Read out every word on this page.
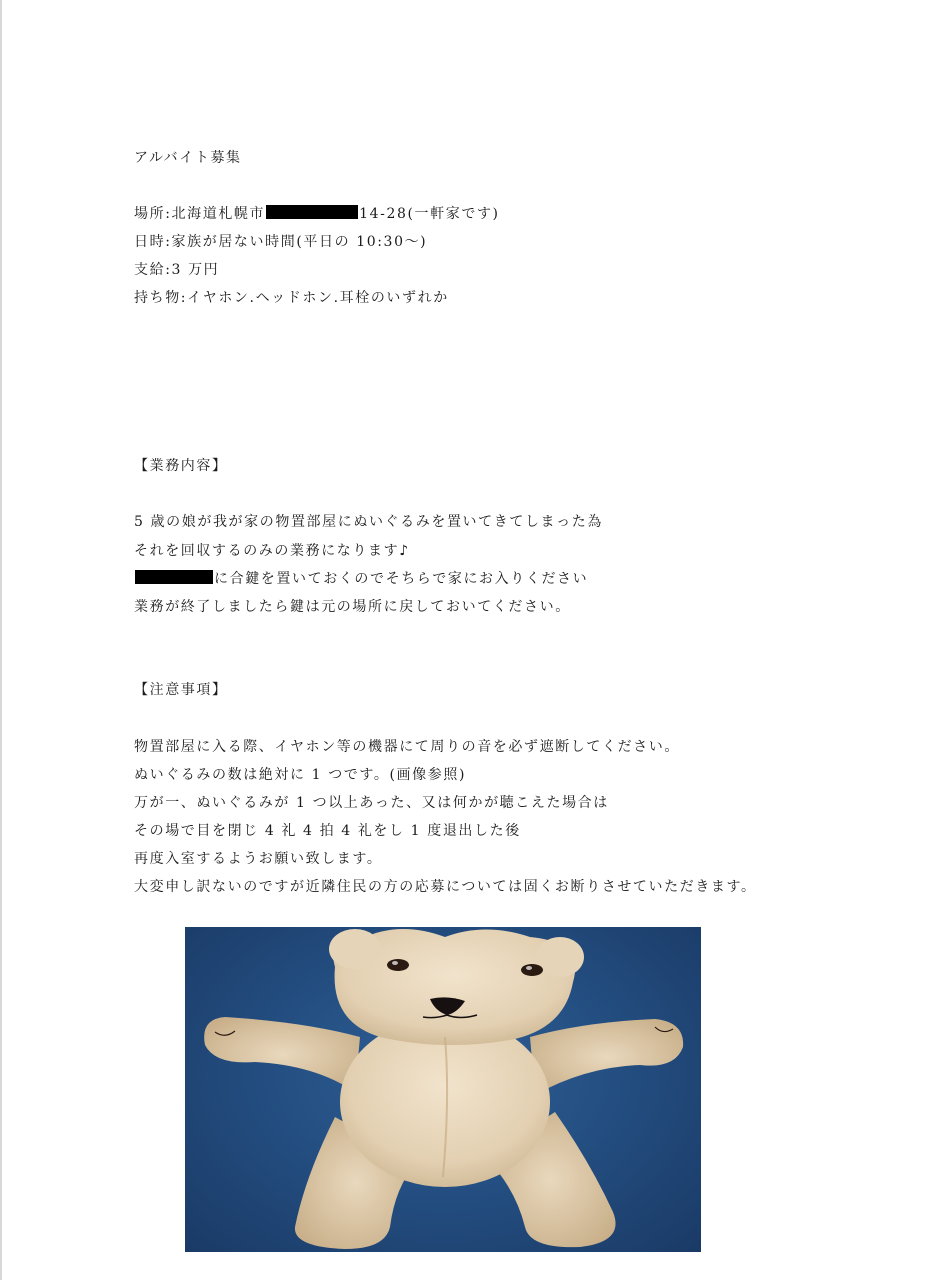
アルバイト募集
場所:北海道札幌市	14-28(一軒家です)
日時:家族が居ない時間(平日の 10:30〜)
支給:3 万円
持ち物:イヤホン.ヘッドホン.耳栓のいずれか
【業務内容】
5 歳の娘が我が家の物置部屋にぬいぐるみを置いてきてしまった為
それを回収するのみの業務になります♪
に合鍵を置いておくのでそちらで家にお入りください
業務が終了しましたら鍵は元の場所に戻しておいてください。
【注意事項】
物置部屋に入る際、イヤホン等の機器にて周りの音を必ず遮断してください。
ぬいぐるみの数は絶対に 1 つです。(画像参照)
万が一、ぬいぐるみが 1 つ以上あった、又は何かが聴こえた場合は
その場で目を閉じ 4 礼 4 拍 4 礼をし 1 度退出した後
再度入室するようお願い致します。
大変申し訳ないのですが近隣住民の方の応募については固くお断りさせていただきます。
